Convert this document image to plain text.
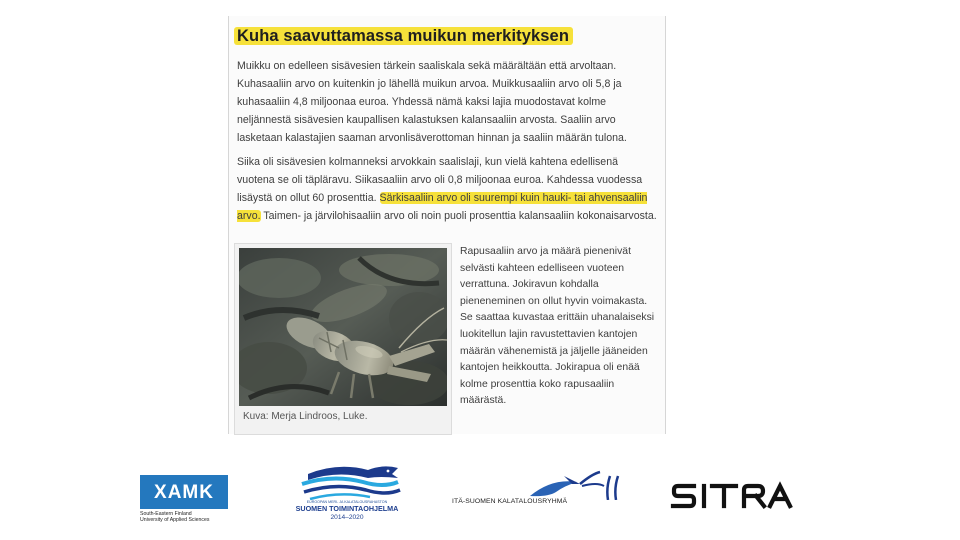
Kuha saavuttamassa muikun merkityksen

Muikku on edelleen sisävesien tärkein saaliskala sekä määrältään että arvoltaan. Kuhasaaliin arvo on kuitenkin jo lähellä muikun arvoa. Muikkusaaliin arvo oli 5,8 ja kuhasaaliin 4,8 miljoonaa euroa. Yhdessä nämä kaksi lajia muodostavat kolme neljännestä sisävesien kaupallisen kalastuksen kalansaaliin arvosta. Saaliin arvo lasketaan kalastajien saaman arvonlisäverottoman hinnan ja saaliin määrän tulona.

Siika oli sisävesien kolmanneksi arvokkain saalislaji, kun vielä kahtena edellisenä vuotena se oli täpläravu. Siikasaaliin arvo oli 0,8 miljoonaa euroa. Kahdessa vuodessa lisäystä on ollut 60 prosenttia. Särkisaaliin arvo oli suurempi kuin hauki- tai ahvensaaliin arvo. Taimen- ja järvilohisaaliin arvo oli noin puoli prosenttia kalansaaliin kokonaisarvosta.

Kuva: Merja Lindroos, Luke.

Rapusaaliin arvo ja määrä pienenivät selvästi kahteen edelliseen vuoteen verrattuna. Jokiravun kohdalla pieneneminen on ollut hyvin voimakasta. Se saattaa kuvastaa erittäin uhanalaiseksi luokitellun lajin ravustettavien kantojen määrän vähenemistä ja jäljelle jääneiden kantojen heikkoutta. Jokirapua oli enää kolme prosenttia koko rapusaaliin määrästä.

XAMK
South-Eastern Finland
University of Applied Sciences
EUROOPAN MERI- JA KALATALOUSRAHASTON
SUOMEN TOIMINTAOHJELMA
2014–2020
ITÄ-SUOMEN KALATALOUSRYHMÄ
